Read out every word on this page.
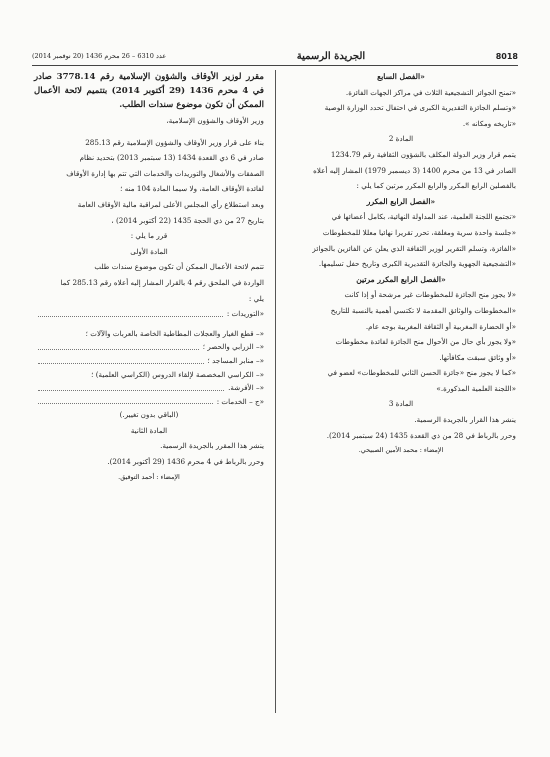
عدد 6310 – 26 محرم 1436 (20 نوفمبر 2014)	الجريدة الرسمية	8018

«الفصل السابع

«تمنح الجوائز التشجيعية الثلاث في مراكز الجهات الفائزة.

«وتسلم الجائزة التقديرية الكبرى في احتفال تحدد الوزارة الوصية

«تاريخه ومكانه ».

المادة 2

يتمم قرار وزير الدولة المكلف بالشؤون الثقافية رقم 1234.79

الصادر في 13 من محرم 1400 (3 ديسمبر 1979) المشار إليه أعلاه

بالفصلين الرابع المكرر والرابع المكرر مرتين كما يلي :

«الفصل الرابع المكرر

«تجتمع اللجنة العلمية، عند المداولة النهائية، بكامل أعضائها في

«جلسة واحدة سرية ومغلقة، تحرر تقريرا نهائيا معللا للمخطوطات

«الفائزة، وتسلم التقرير لوزير الثقافة الذي يعلن عن الفائزين بالجوائز

«التشجيعية الجهوية والجائزة التقديرية الكبرى وتاريخ حفل تسليمها.

«الفصل الرابع المكرر مرتين

«لا يجوز منح الجائزة للمخطوطات غير مرشحة أو إذا كانت

«المخطوطات والوثائق المقدمة لا تكتسي أهمية بالنسبة للتاريخ

«أو الحضارة المغربية أو الثقافة المغربية بوجه عام.

«ولا يجوز بأي حال من الأحوال منح الجائزة لفائدة مخطوطات

«أو وثائق سبقت مكافأتها.

«كما لا يجوز منح «جائزة الحسن الثاني للمخطوطات» لعضو في

«اللجنة العلمية المذكورة.»

المادة 3

ينشر هذا القرار بالجريدة الرسمية.

وحرر بالرباط في 28 من ذي القعدة 1435 (24 سبتمبر 2014).

الإمضاء : محمد الأمين الصبيحي.

مقرر لوزير الأوقاف والشؤون الإسلامية رقم 3778.14 صادر في 4 محرم 1436 (29 أكتوبر 2014) بتتميم لائحة الأعمال الممكن أن تكون موضوع سندات الطلب.

وزير الأوقاف والشؤون الإسلامية،

بناء على قرار وزير الأوقاف والشؤون الإسلامية رقم 285.13

صادر في 6 ذي القعدة 1434 (13 سبتمبر 2013) بتحديد نظام

الصفقات والأشغال والتوريدات والخدمات التي تتم بها إدارة الأوقاف

لفائدة الأوقاف العامة، ولا سيما المادة 104 منه ؛

وبعد استطلاع رأي المجلس الأعلى لمراقبة مالية الأوقاف العامة

بتاريخ 27 من ذي الحجة 1435 (22 أكتوبر 2014) ،

قرر ما يلي :

المادة الأولى

تتمم لائحة الأعمال الممكن أن تكون موضوع سندات طلب

الواردة في الملحق رقم 4 بالقرار المشار إليه أعلاه رقم 285.13 كما

يلي :

«التوريدات :
«– قطع الغيار والعجلات المطاطية الخاصة بالعربات والآلات ؛
«– الزرابي والحصر ؛
«– منابر المساجد ؛
«– الكراسي المخصصة لإلقاء الدروس (الكراسي العلمية) ؛
«– الأفرشة.
«ج – الخدمات :

(الباقي بدون تغيير.)

المادة الثانية

ينشر هذا المقرر بالجريدة الرسمية.

وحرر بالرباط في 4 محرم 1436 (29 أكتوبر 2014).

الإمضاء : أحمد التوفيق.
